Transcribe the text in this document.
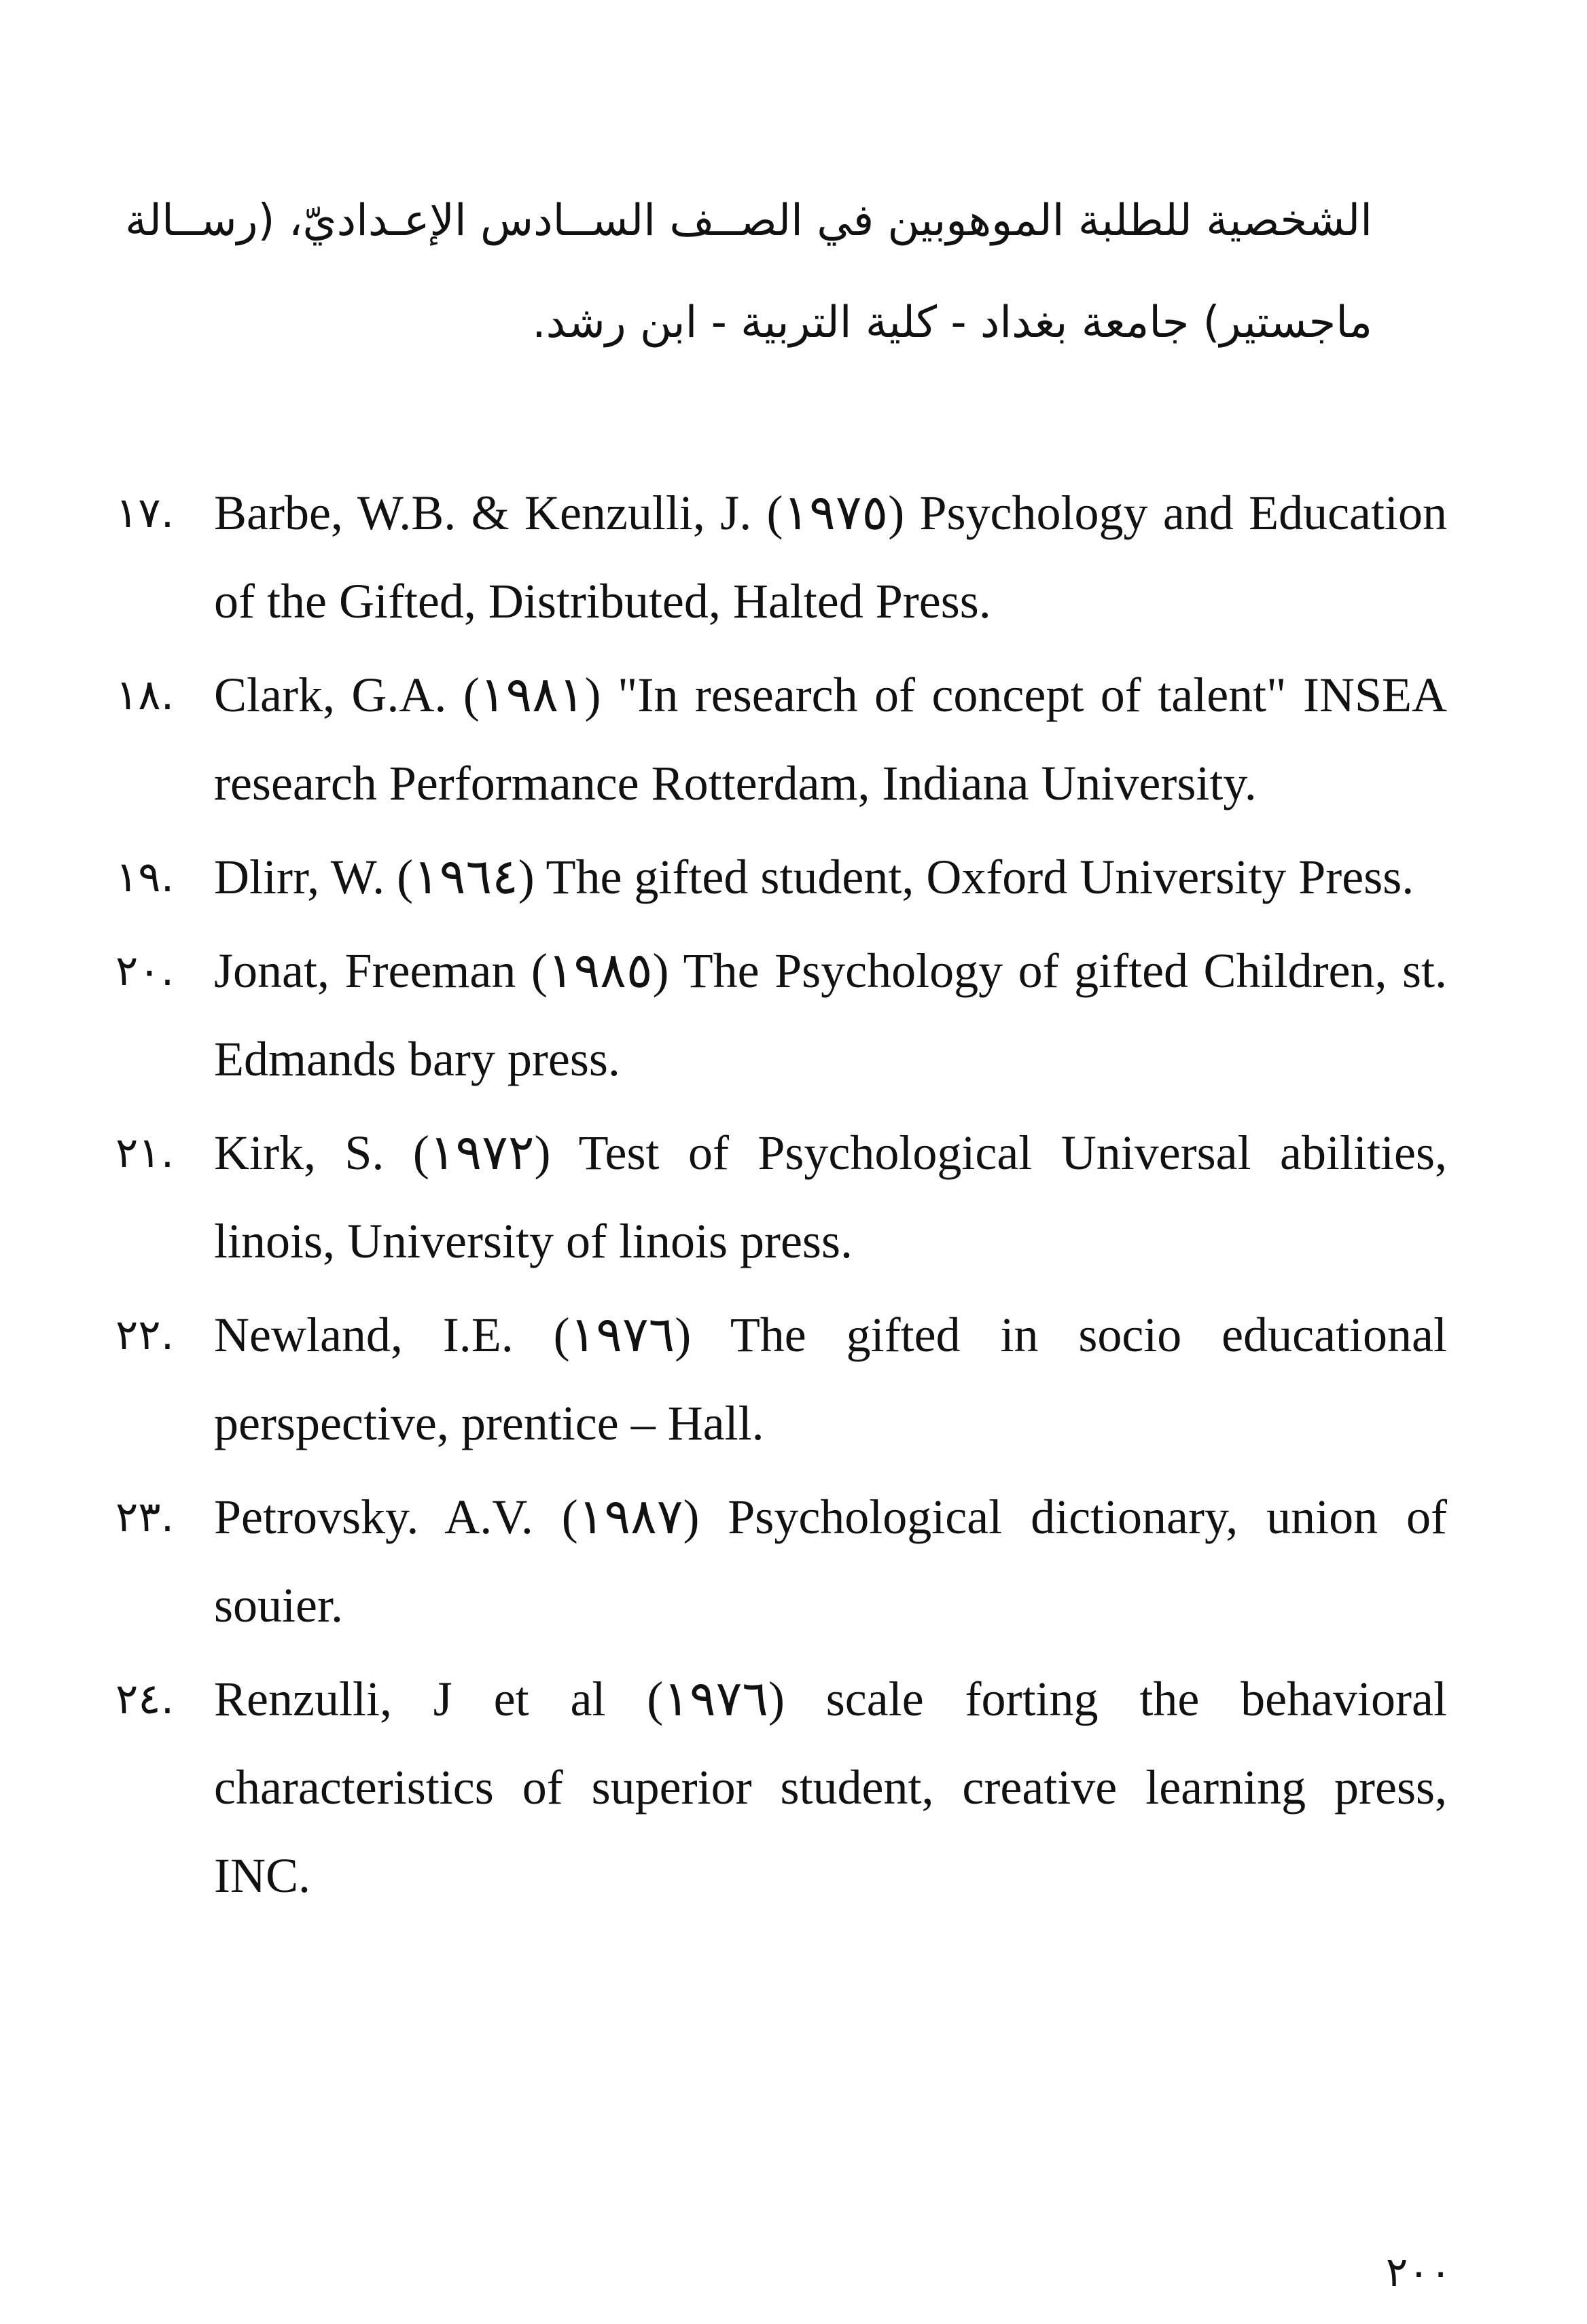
الشخصية للطلبة الموهوبين في الصــف الســادس الإعـداديّ، (رســالة
ماجستير) جامعة بغداد - كلية التربية - ابن رشد.
١٧. Barbe, W.B. & Kenzulli, J. (١٩٧٥) Psychology and Education of the Gifted, Distributed, Halted Press.
١٨. Clark, G.A. (١٩٨١) "In research of concept of talent" INSEA research Performance Rotterdam, Indiana University.
١٩. Dlirr, W. (١٩٦٤) The gifted student, Oxford University Press.
٢٠. Jonat, Freeman (١٩٨٥) The Psychology of gifted Children, st. Edmands bary press.
٢١. Kirk, S. (١٩٧٢) Test of Psychological Universal abilities, linois, University of linois press.
٢٢. Newland, I.E. (١٩٧٦) The gifted in socio educational perspective, prentice – Hall.
٢٣. Petrovsky. A.V. (١٩٨٧) Psychological dictionary, union of souier.
٢٤. Renzulli, J et al (١٩٧٦) scale forting the behavioral characteristics of superior student, creative learning press, INC.
٢٠٠
